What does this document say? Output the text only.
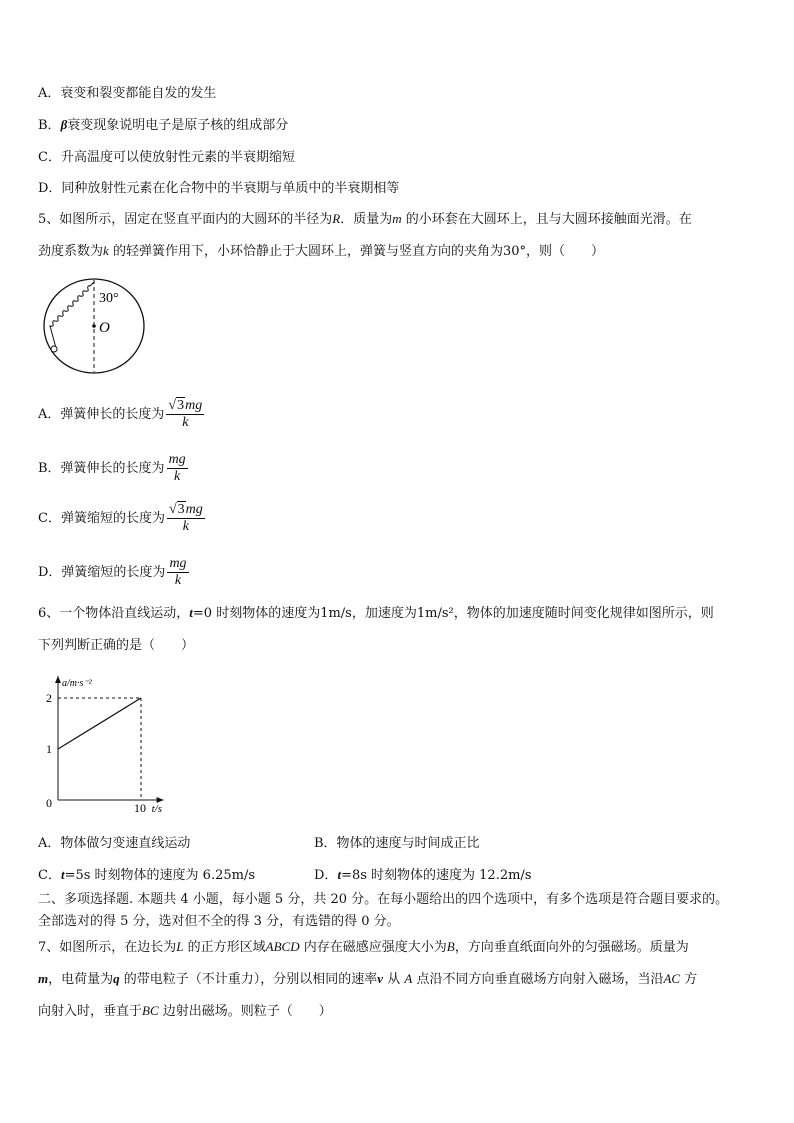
A．衰变和裂变都能自发的发生
B．β衰变现象说明电子是原子核的组成部分
C．升高温度可以使放射性元素的半衰期缩短
D．同种放射性元素在化合物中的半衰期与单质中的半衰期相等
5、如图所示，固定在竖直平面内的大圆环的半径为R．质量为m 的小环套在大圆环上，且与大圆环接触面光滑。在
劲度系数为k 的轻弹簧作用下，小环恰静止于大圆环上，弹簧与竖直方向的夹角为30°，则（　　）
30°
O
A．弹簧伸长的长度为 $\frac{√3mg}{k}$
B．弹簧伸长的长度为 $\frac{mg}{k}$
C．弹簧缩短的长度为 $\frac{√3mg}{k}$
D．弹簧缩短的长度为 $\frac{mg}{k}$
6、一个物体沿直线运动，t=0 时刻物体的速度为1m/s，加速度为1m/s²，物体的加速度随时间变化规律如图所示，则
下列判断正确的是（　　）
0	10
1
2
a/m·s⁻²
t/s
A．物体做匀变速直线运动	B．物体的速度与时间成正比
C．t=5s 时刻物体的速度为 6.25m/s	D．t=8s 时刻物体的速度为 12.2m/s
二、多项选择题. 本题共 4 小题，每小题 5 分，共 20 分。在每小题给出的四个选项中，有多个选项是符合题目要求的。
全部选对的得 5 分，选对但不全的得 3 分，有选错的得 0 分。
7、如图所示，在边长为L 的正方形区域ABCD 内存在磁感应强度大小为B，方向垂直纸面向外的匀强磁场。质量为
m，电荷量为q 的带电粒子（不计重力），分别以相同的速率v 从 A 点沿不同方向垂直磁场方向射入磁场，当沿AC 方
向射入时，垂直于BC 边射出磁场。则粒子（　　）
